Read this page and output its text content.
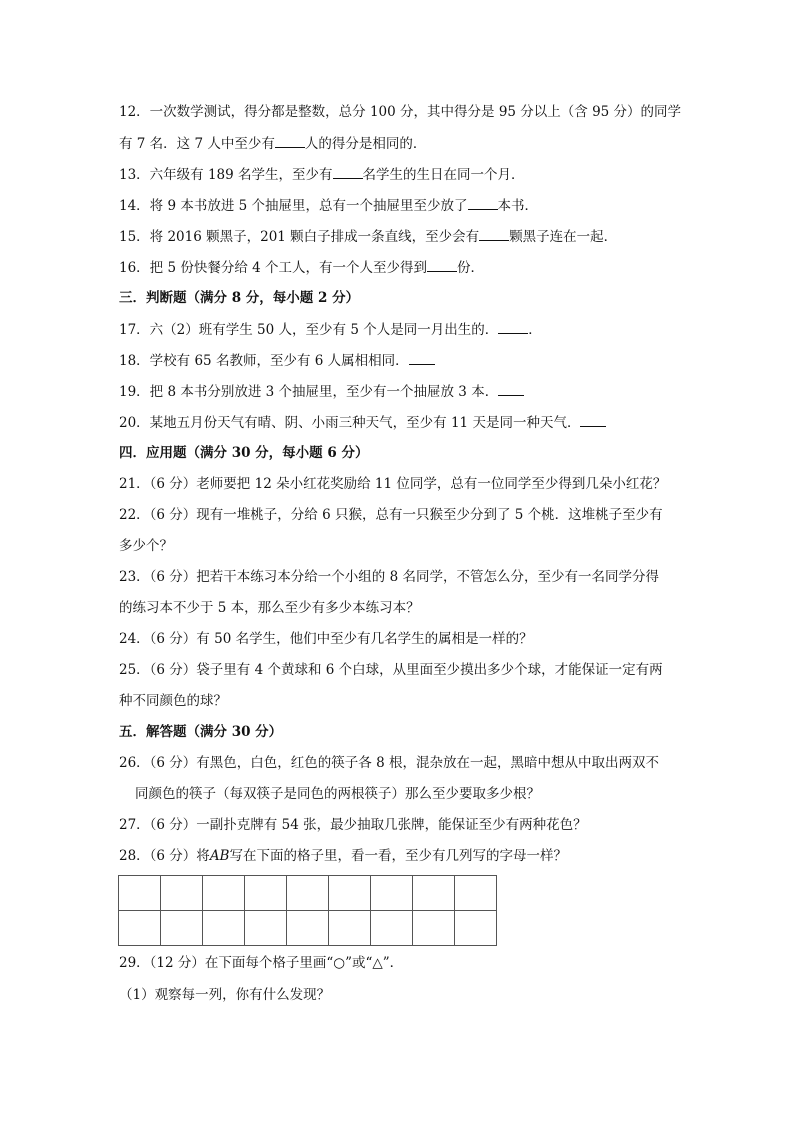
12．一次数学测试，得分都是整数，总分 100 分，其中得分是 95 分以上（含 95 分）的同学
有 7 名．这 7 人中至少有 人的得分是相同的．
13．六年级有 189 名学生，至少有 名学生的生日在同一个月．
14．将 9 本书放进 5 个抽屉里，总有一个抽屉里至少放了 本书．
15．将 2016 颗黑子，201 颗白子排成一条直线，至少会有 颗黑子连在一起．
16．把 5 份快餐分给 4 个工人，有一个人至少得到 份．
三．判断题（满分 8 分，每小题 2 分）
17．六（2）班有学生 50 人，至少有 5 个人是同一月出生的． ．
18．学校有 65 名教师，至少有 6 人属相相同．
19．把 8 本书分别放进 3 个抽屉里，至少有一个抽屉放 3 本．
20．某地五月份天气有晴、阴、小雨三种天气，至少有 11 天是同一种天气．
四．应用题（满分 30 分，每小题 6 分）
21．（6 分）老师要把 12 朵小红花奖励给 11 位同学，总有一位同学至少得到几朵小红花？
22．（6 分）现有一堆桃子，分给 6 只猴，总有一只猴至少分到了 5 个桃．这堆桃子至少有
多少个？
23．（6 分）把若干本练习本分给一个小组的 8 名同学，不管怎么分，至少有一名同学分得
的练习本不少于 5 本，那么至少有多少本练习本？
24．（6 分）有 50 名学生，他们中至少有几名学生的属相是一样的？
25．（6 分）袋子里有 4 个黄球和 6 个白球，从里面至少摸出多少个球，才能保证一定有两
种不同颜色的球？
五．解答题（满分 30 分）
26．（6 分）有黑色，白色，红色的筷子各 8 根，混杂放在一起，黑暗中想从中取出两双不
同颜色的筷子（每双筷子是同色的两根筷子）那么至少要取多少根？
27．（6 分）一副扑克牌有 54 张，最少抽取几张牌，能保证至少有两种花色？
28．（6 分）将AB写在下面的格子里，看一看，至少有几列写的字母一样？

29．（12 分）在下面每个格子里画“○”或“△”．
（1）观察每一列，你有什么发现？
